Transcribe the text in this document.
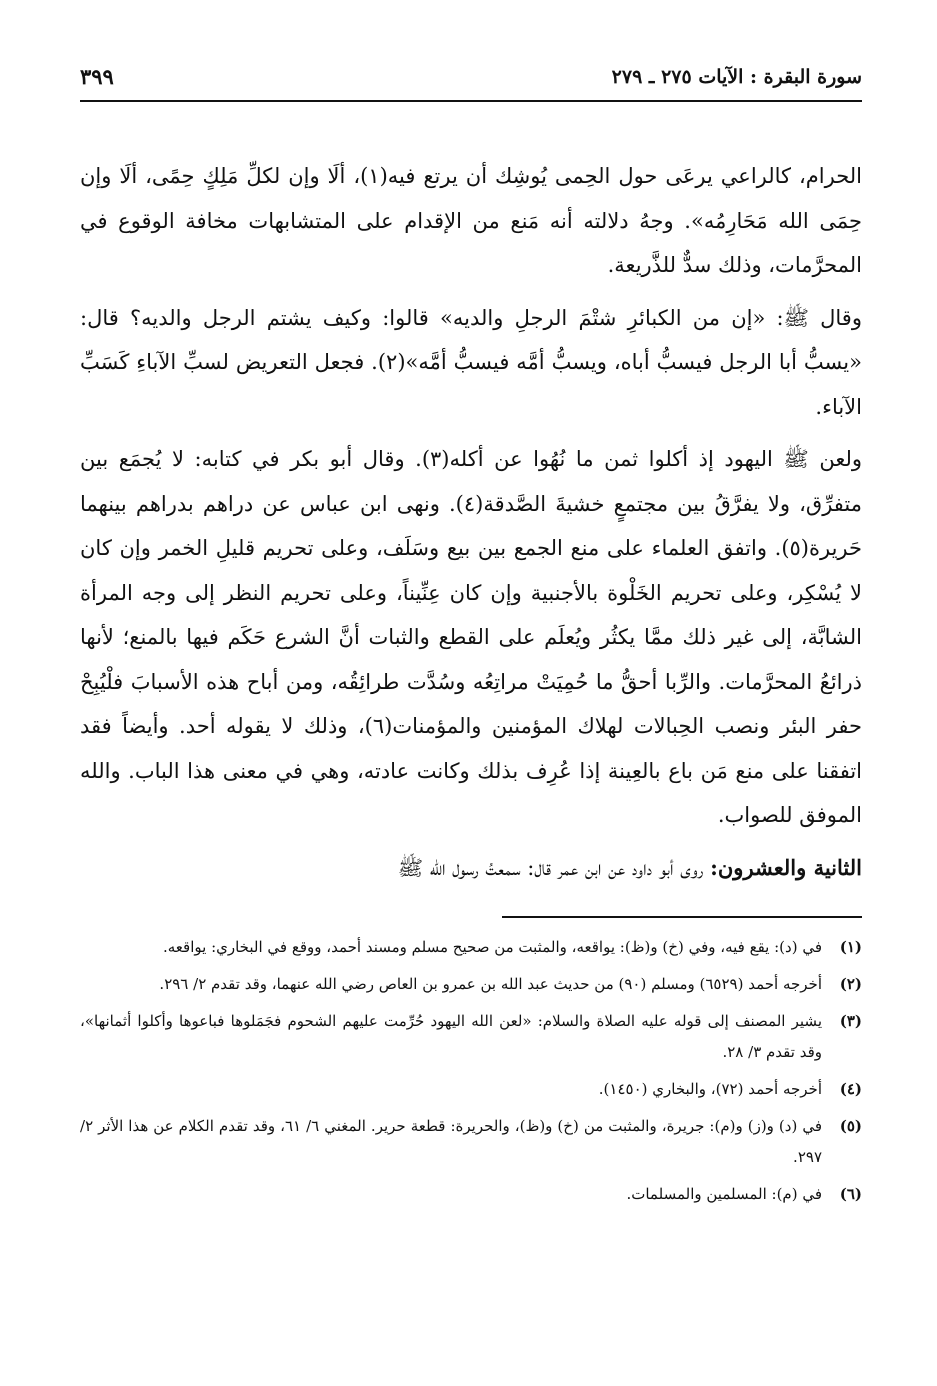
سورة البقرة : الآيات ٢٧٥ ـ ٢٧٩
٣٩٩

الحرام، كالراعي يرعَى حول الحِمى يُوشِك أن يرتع فيه(١)، ألَا وإن لكلِّ مَلِكٍ حِمًى، ألَا وإن حِمَى الله مَحَارِمُه». وجهُ دلالته أنه مَنع من الإقدام على المتشابهات مخافة الوقوع في المحرَّمات، وذلك سدٌّ للذَّريعة.

وقال ﷺ: «إن من الكبائرِ شتْمَ الرجلِ والديه» قالوا: وكيف يشتم الرجل والديه؟ قال: «يسبُّ أبا الرجل فيسبُّ أباه، ويسبُّ أمَّه فيسبُّ أمَّه»(٢). فجعل التعريض لسبِّ الآباءِ كَسَبِّ الآباء.

ولعن ﷺ اليهود إذ أكلوا ثمن ما نُهُوا عن أكله(٣). وقال أبو بكر في كتابه: لا يُجمَع بين متفرِّق، ولا يفرَّقُ بين مجتمعٍ خشيةَ الصَّدقة(٤). ونهى ابن عباس عن دراهم بدراهم بينهما حَريرة(٥). واتفق العلماء على منع الجمع بين بيع وسَلَف، وعلى تحريم قليلِ الخمر وإن كان لا يُسْكِر، وعلى تحريم الخَلْوة بالأجنبية وإن كان عِنِّيناً، وعلى تحريم النظر إلى وجه المرأة الشابَّة، إلى غير ذلك ممَّا يكثُر ويُعلَم على القطع والثبات أنَّ الشرع حَكَم فيها بالمنع؛ لأنها ذرائعُ المحرَّمات. والرِّبا أحقُّ ما حُمِيَتْ مراتِعُه وسُدَّت طرائِقُه، ومن أباح هذه الأسبابَ فلْيُبِحْ حفر البئر ونصب الحِبالات لهلاك المؤمنين والمؤمنات(٦)، وذلك لا يقوله أحد. وأيضاً فقد اتفقنا على منع مَن باع بالعِينة إذا عُرِف بذلك وكانت عادته، وهي في معنى هذا الباب. والله الموفق للصواب.

الثانية والعشرون: روى أبو داود عن ابن عمر قال: سمعتُ رسول الله ﷺ

(١)
في (د): يقع فيه، وفي (خ) و(ظ): يواقعه، والمثبت من صحيح مسلم ومسند أحمد، ووقع في البخاري: يواقعه.
(٢)
أخرجه أحمد (٦٥٢٩) ومسلم (٩٠) من حديث عبد الله بن عمرو بن العاص رضي الله عنهما، وقد تقدم ٢/ ٢٩٦.
(٣)
يشير المصنف إلى قوله عليه الصلاة والسلام: «لعن الله اليهود حُرِّمت عليهم الشحوم فجَمَلوها فباعوها وأكلوا أثمانها»، وقد تقدم ٣/ ٢٨.
(٤)
أخرجه أحمد (٧٢)، والبخاري (١٤٥٠).
(٥)
في (د) و(ز) و(م): جريرة، والمثبت من (خ) و(ظ)، والحريرة: قطعة حرير. المغني ٦/ ٦١، وقد تقدم الكلام عن هذا الأثر ٢/ ٢٩٧.
(٦)
في (م): المسلمين والمسلمات.
